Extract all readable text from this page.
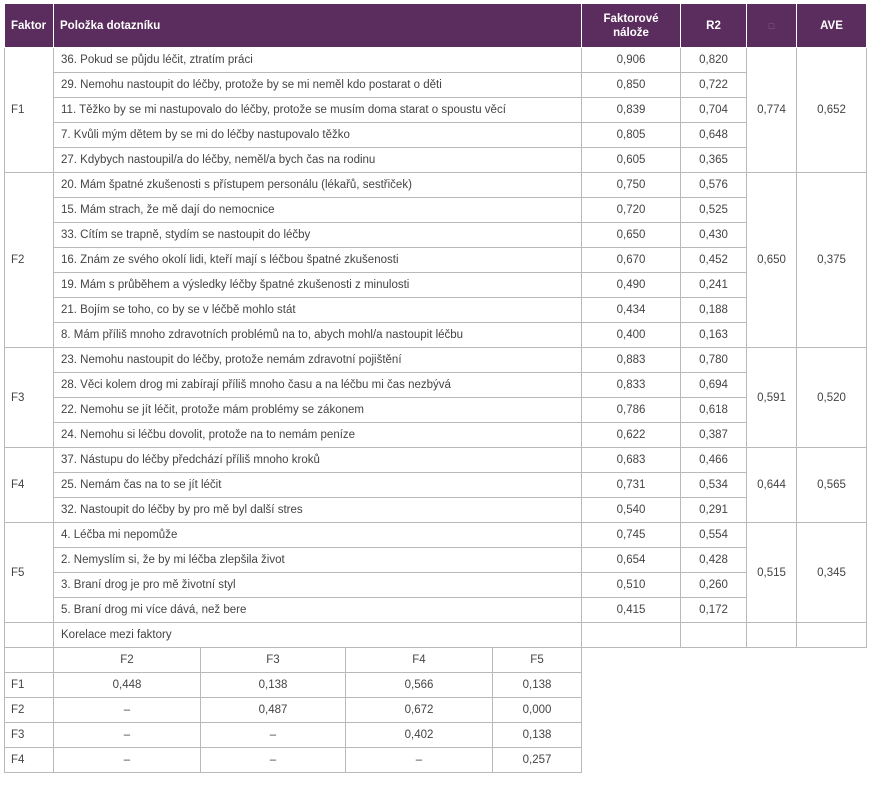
Faktor	Položka dotazníku				Faktorové nálože	R2	□	AVE
F1	36. Pokud se půjdu léčit, ztratím práci				0,906	0,820	0,774	0,652
	29. Nemohu nastoupit do léčby, protože by se mi neměl kdo postarat o děti				0,850	0,722		
	11. Těžko by se mi nastupovalo do léčby, protože se musím doma starat o spoustu věcí				0,839	0,704		
	7. Kvůli mým dětem by se mi do léčby nastupovalo těžko				0,805	0,648		
	27. Kdybych nastoupil/a do léčby, neměl/a bych čas na rodinu				0,605	0,365		
F2	20. Mám špatné zkušenosti s přístupem personálu (lékařů, sestřiček)				0,750	0,576	0,650	0,375
	15. Mám strach, že mě dají do nemocnice				0,720	0,525		
	33. Cítím se trapně, stydím se nastoupit do léčby				0,650	0,430		
	16. Znám ze svého okolí lidi, kteří mají s léčbou špatné zkušenosti				0,670	0,452		
	19. Mám s průběhem a výsledky léčby špatné zkušenosti z minulosti				0,490	0,241		
	21. Bojím se toho, co by se v léčbě mohlo stát				0,434	0,188		
	8. Mám příliš mnoho zdravotních problémů na to, abych mohl/a nastoupit léčbu				0,400	0,163		
F3	23. Nemohu nastoupit do léčby, protože nemám zdravotní pojištění				0,883	0,780	0,591	0,520
	28. Věci kolem drog mi zabírají příliš mnoho času a na léčbu mi čas nezbývá				0,833	0,694		
	22. Nemohu se jít léčit, protože mám problémy se zákonem				0,786	0,618		
	24. Nemohu si léčbu dovolit, protože na to nemám peníze				0,622	0,387		
F4	37. Nástupu do léčby předchází příliš mnoho kroků				0,683	0,466	0,644	0,565
	25. Nemám čas na to se jít léčit				0,731	0,534		
	32. Nastoupit do léčby by pro mě byl další stres				0,540	0,291		
F5	4. Léčba mi nepomůže				0,745	0,554	0,515	0,345
	2. Nemyslím si, že by mi léčba zlepšila život				0,654	0,428		
	3. Braní drog je pro mě životní styl				0,510	0,260		
	5. Braní drog mi více dává, než bere				0,415	0,172		
	Korelace mezi faktory							
	F2	F3	F4	F5				
F1	0,448	0,138	0,566	0,138				
F2	–	0,487	0,672	0,000				
F3	–	–	0,402	0,138				
F4	–	–	–	0,257				
